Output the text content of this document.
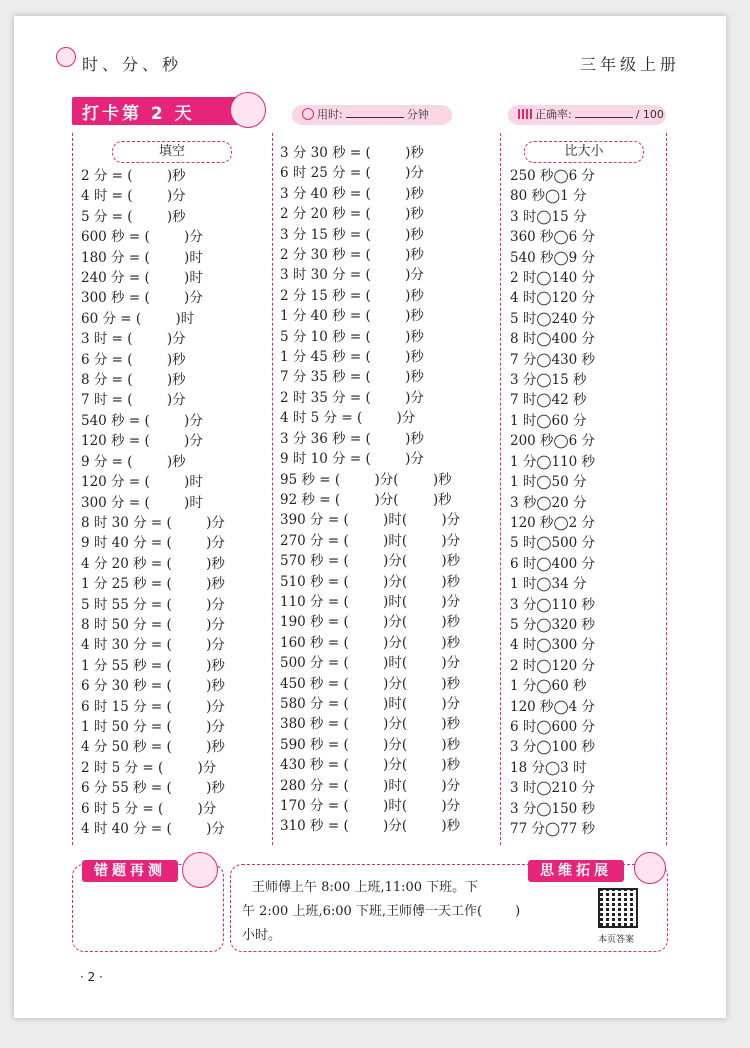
时、分、秒	三年级上册
打卡第 2 天	用时:	分钟	正确率:	/ 100
填空	比大小
2 分 = (        )秒
4 时 = (        )分
5 分 = (        )秒
600 秒 = (        )分
180 分 = (        )时
240 分 = (        )时
300 秒 = (        )分
60 分 = (        )时
3 时 = (        )分
6 分 = (        )秒
8 分 = (        )秒
7 时 = (        )分
540 秒 = (        )分
120 秒 = (        )分
9 分 = (        )秒
120 分 = (        )时
300 分 = (        )时
8 时 30 分 = (        )分
9 时 40 分 = (        )分
4 分 20 秒 = (        )秒
1 分 25 秒 = (        )秒
5 时 55 分 = (        )分
8 时 50 分 = (        )分
4 时 30 分 = (        )分
1 分 55 秒 = (        )秒
6 分 30 秒 = (        )秒
6 时 15 分 = (        )分
1 时 50 分 = (        )分
4 分 50 秒 = (        )秒
2 时 5 分 = (        )分
6 分 55 秒 = (        )秒
6 时 5 分 = (        )分
4 时 40 分 = (        )分
3 分 30 秒 = (        )秒
6 时 25 分 = (        )分
3 分 40 秒 = (        )秒
2 分 20 秒 = (        )秒
3 分 15 秒 = (        )秒
2 分 30 秒 = (        )秒
3 时 30 分 = (        )分
2 分 15 秒 = (        )秒
1 分 40 秒 = (        )秒
5 分 10 秒 = (        )秒
1 分 45 秒 = (        )秒
7 分 35 秒 = (        )秒
2 时 35 分 = (        )分
4 时 5 分 = (        )分
3 分 36 秒 = (        )秒
9 时 10 分 = (        )分
95 秒 = (        )分(        )秒
92 秒 = (        )分(        )秒
390 分 = (        )时(        )分
270 分 = (        )时(        )分
570 秒 = (        )分(        )秒
510 秒 = (        )分(        )秒
110 分 = (        )时(        )分
190 秒 = (        )分(        )秒
160 秒 = (        )分(        )秒
500 分 = (        )时(        )分
450 秒 = (        )分(        )秒
580 分 = (        )时(        )分
380 秒 = (        )分(        )秒
590 秒 = (        )分(        )秒
430 秒 = (        )分(        )秒
280 分 = (        )时(        )分
170 分 = (        )时(        )分
310 秒 = (        )分(        )秒
250 秒◯6 分
80 秒◯1 分
3 时◯15 分
360 秒◯6 分
540 秒◯9 分
2 时◯140 分
4 时◯120 分
5 时◯240 分
8 时◯400 分
7 分◯430 秒
3 分◯15 秒
7 时◯42 秒
1 时◯60 分
200 秒◯6 分
1 分◯110 秒
1 时◯50 分
3 秒◯20 分
120 秒◯2 分
5 时◯500 分
6 时◯400 分
1 时◯34 分
3 分◯110 秒
5 分◯320 秒
4 时◯300 分
2 时◯120 分
1 分◯60 秒
120 秒◯4 分
6 时◯600 分
3 分◯100 秒
18 分◯3 时
3 时◯210 分
3 分◯150 秒
77 分◯77 秒
错题再测	思维拓展
王师傅上午 8:00 上班,11:00 下班。下
午 2:00 上班,6:00 下班,王师傅一天工作(        )
小时。	本页答案
· 2 ·
